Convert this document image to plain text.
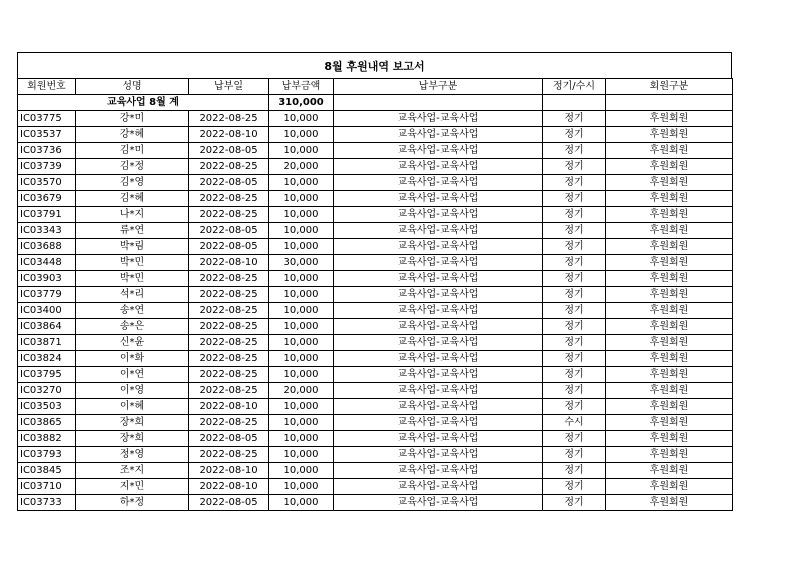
8월 후원내역 보고서
회원번호	성명	납부일	납부금액	납부구분	정기/수시	회원구분
교육사업 8월 계			310,000			
IC03775	강*미	2022-08-25	10,000	교육사업-교육사업	정기	후원회원
IC03537	강*혜	2022-08-10	10,000	교육사업-교육사업	정기	후원회원
IC03736	김*미	2022-08-05	10,000	교육사업-교육사업	정기	후원회원
IC03739	김*정	2022-08-25	20,000	교육사업-교육사업	정기	후원회원
IC03570	김*영	2022-08-05	10,000	교육사업-교육사업	정기	후원회원
IC03679	김*혜	2022-08-25	10,000	교육사업-교육사업	정기	후원회원
IC03791	나*지	2022-08-25	10,000	교육사업-교육사업	정기	후원회원
IC03343	류*연	2022-08-05	10,000	교육사업-교육사업	정기	후원회원
IC03688	박*림	2022-08-05	10,000	교육사업-교육사업	정기	후원회원
IC03448	박*민	2022-08-10	30,000	교육사업-교육사업	정기	후원회원
IC03903	박*민	2022-08-25	10,000	교육사업-교육사업	정기	후원회원
IC03779	석*리	2022-08-25	10,000	교육사업-교육사업	정기	후원회원
IC03400	송*연	2022-08-25	10,000	교육사업-교육사업	정기	후원회원
IC03864	송*은	2022-08-25	10,000	교육사업-교육사업	정기	후원회원
IC03871	신*윤	2022-08-25	10,000	교육사업-교육사업	정기	후원회원
IC03824	이*화	2022-08-25	10,000	교육사업-교육사업	정기	후원회원
IC03795	이*연	2022-08-25	10,000	교육사업-교육사업	정기	후원회원
IC03270	이*영	2022-08-25	20,000	교육사업-교육사업	정기	후원회원
IC03503	이*혜	2022-08-10	10,000	교육사업-교육사업	정기	후원회원
IC03865	장*희	2022-08-25	10,000	교육사업-교육사업	수시	후원회원
IC03882	장*희	2022-08-05	10,000	교육사업-교육사업	정기	후원회원
IC03793	정*영	2022-08-25	10,000	교육사업-교육사업	정기	후원회원
IC03845	조*지	2022-08-10	10,000	교육사업-교육사업	정기	후원회원
IC03710	지*민	2022-08-10	10,000	교육사업-교육사업	정기	후원회원
IC03733	하*정	2022-08-05	10,000	교육사업-교육사업	정기	후원회원
